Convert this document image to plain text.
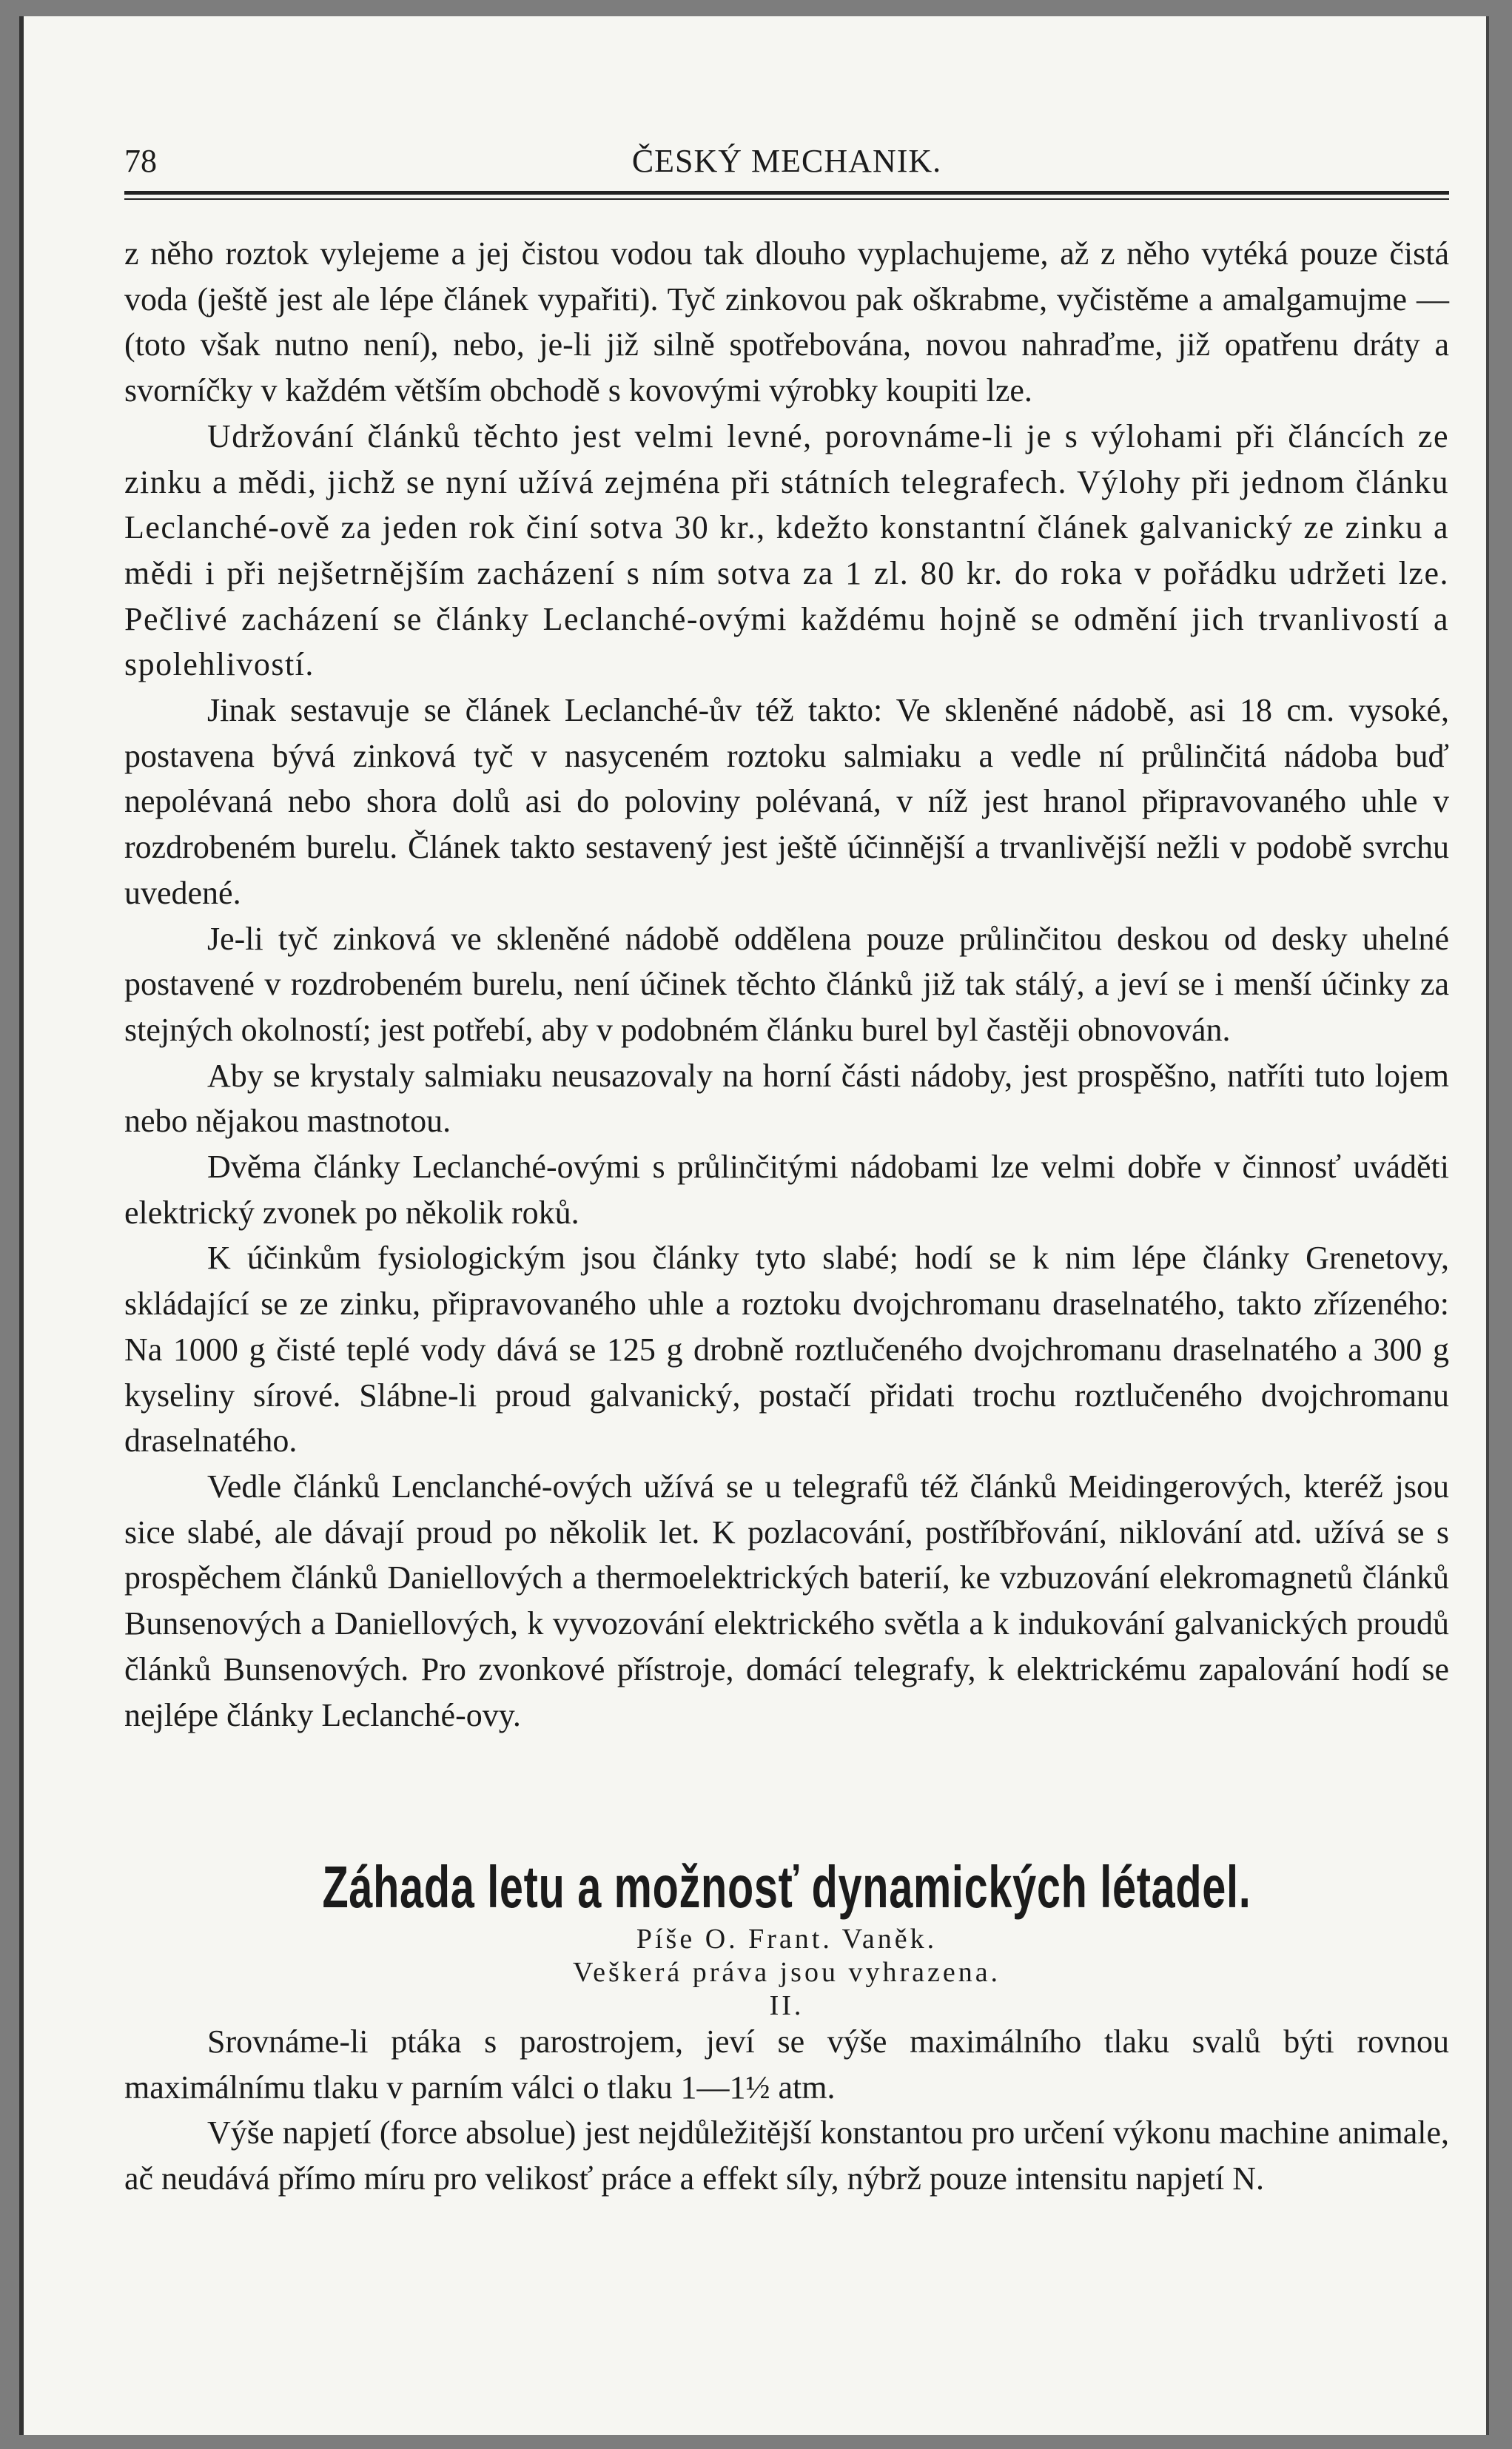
78	ČESKÝ MECHANIK.

z něho roztok vylejeme a jej čistou vodou tak dlouho vyplachujeme, až z něho vytéká pouze čistá voda (ještě jest ale lépe článek vypařiti). Tyč zinkovou pak oškrabme, vyčistěme a amalgamujme — (toto však nutno není), nebo, je-li již silně spotřebována, novou nahraďme, již opatřenu dráty a svorníčky v každém větším obchodě s kovovými výrobky koupiti lze.

Udržování článků těchto jest velmi levné, porovnáme-li je s výlohami při článcích ze zinku a mědi, jichž se nyní užívá zejména při státních telegrafech. Výlohy při jednom článku Leclanché-ově za jeden rok činí sotva 30 kr., kdežto konstantní článek galvanický ze zinku a mědi i při nejšetrnějším zacházení s ním sotva za 1 zl. 80 kr. do roka v pořádku udržeti lze. Pečlivé zacházení se články Leclanché-ovými každému hojně se odmění jich trvanlivostí a spolehlivostí.

Jinak sestavuje se článek Leclanché-ův též takto: Ve skleněné nádobě, asi 18 cm. vysoké, postavena bývá zinková tyč v nasyceném roztoku salmiaku a vedle ní průlinčitá nádoba buď nepolévaná nebo shora dolů asi do poloviny polévaná, v níž jest hranol připravovaného uhle v rozdrobeném burelu. Článek takto sestavený jest ještě účinnější a trvanlivější nežli v podobě svrchu uvedené.

Je-li tyč zinková ve skleněné nádobě oddělena pouze průlinčitou deskou od desky uhelné postavené v rozdrobeném burelu, není účinek těchto článků již tak stálý, a jeví se i menší účinky za stejných okolností; jest potřebí, aby v podobném článku burel byl častěji obnovován.

Aby se krystaly salmiaku neusazovaly na horní části nádoby, jest prospěšno, natříti tuto lojem nebo nějakou mastnotou.

Dvěma články Leclanché-ovými s průlinčitými nádobami lze velmi dobře v činnosť uváděti elektrický zvonek po několik roků.

K účinkům fysiologickým jsou články tyto slabé; hodí se k nim lépe články Grenetovy, skládající se ze zinku, připravovaného uhle a roztoku dvojchromanu draselnatého, takto zřízeného: Na 1000 g čisté teplé vody dává se 125 g drobně roztlučeného dvojchromanu draselnatého a 300 g kyseliny sírové. Slábne-li proud galvanický, postačí přidati trochu roztlučeného dvojchromanu draselnatého.

Vedle článků Lenclanché-ových užívá se u telegrafů též článků Meidingerových, kteréž jsou sice slabé, ale dávají proud po několik let. K pozlacování, postříbřování, niklování atd. užívá se s prospěchem článků Daniellových a thermoelektrických baterií, ke vzbuzování elekromagnetů článků Bunsenových a Daniellových, k vyvozování elektrického světla a k indukování galvanických proudů článků Bunsenových. Pro zvonkové přístroje, domácí telegrafy, k elektrickému zapalování hodí se nejlépe články Leclanché-ovy.

Záhada letu a možnosť dynamických létadel.
Píše O. Frant. Vaněk.
Veškerá práva jsou vyhrazena.
II.

Srovnáme-li ptáka s parostrojem, jeví se výše maximálního tlaku svalů býti rovnou maximálnímu tlaku v parním válci o tlaku 1—1½ atm.

Výše napjetí (force absolue) jest nejdůležitější konstantou pro určení výkonu machine animale, ač neudává přímo míru pro velikosť práce a effekt síly, nýbrž pouze intensitu napjetí N.
